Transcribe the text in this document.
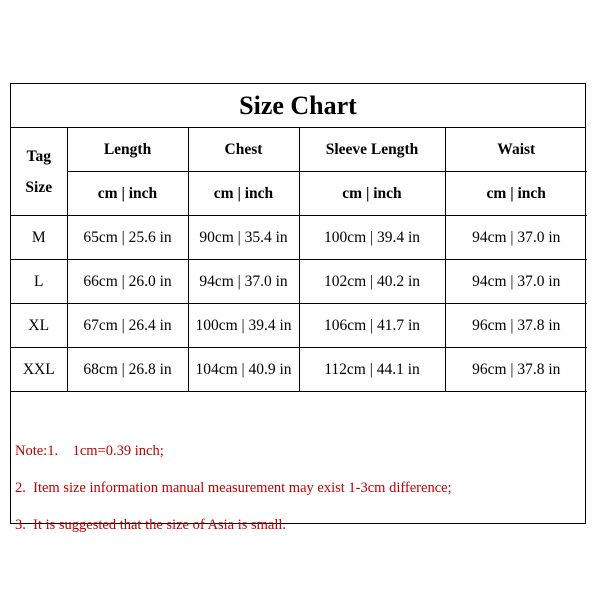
Size Chart
Tag
Size	Length	Chest	Sleeve Length	Waist
	cm | inch	cm | inch	cm | inch	cm | inch
M	65cm | 25.6 in	90cm | 35.4 in	100cm | 39.4 in	94cm | 37.0 in
L	66cm | 26.0 in	94cm | 37.0 in	102cm | 40.2 in	94cm | 37.0 in
XL	67cm | 26.4 in	100cm | 39.4 in	106cm | 41.7 in	96cm | 37.8 in
XXL	68cm | 26.8 in	104cm | 40.9 in	112cm | 44.1 in	96cm | 37.8 in
Note:1.    1cm=0.39 inch;
2.  Item size information manual measurement may exist 1-3cm difference;
3.  It is suggested that the size of Asia is small.
